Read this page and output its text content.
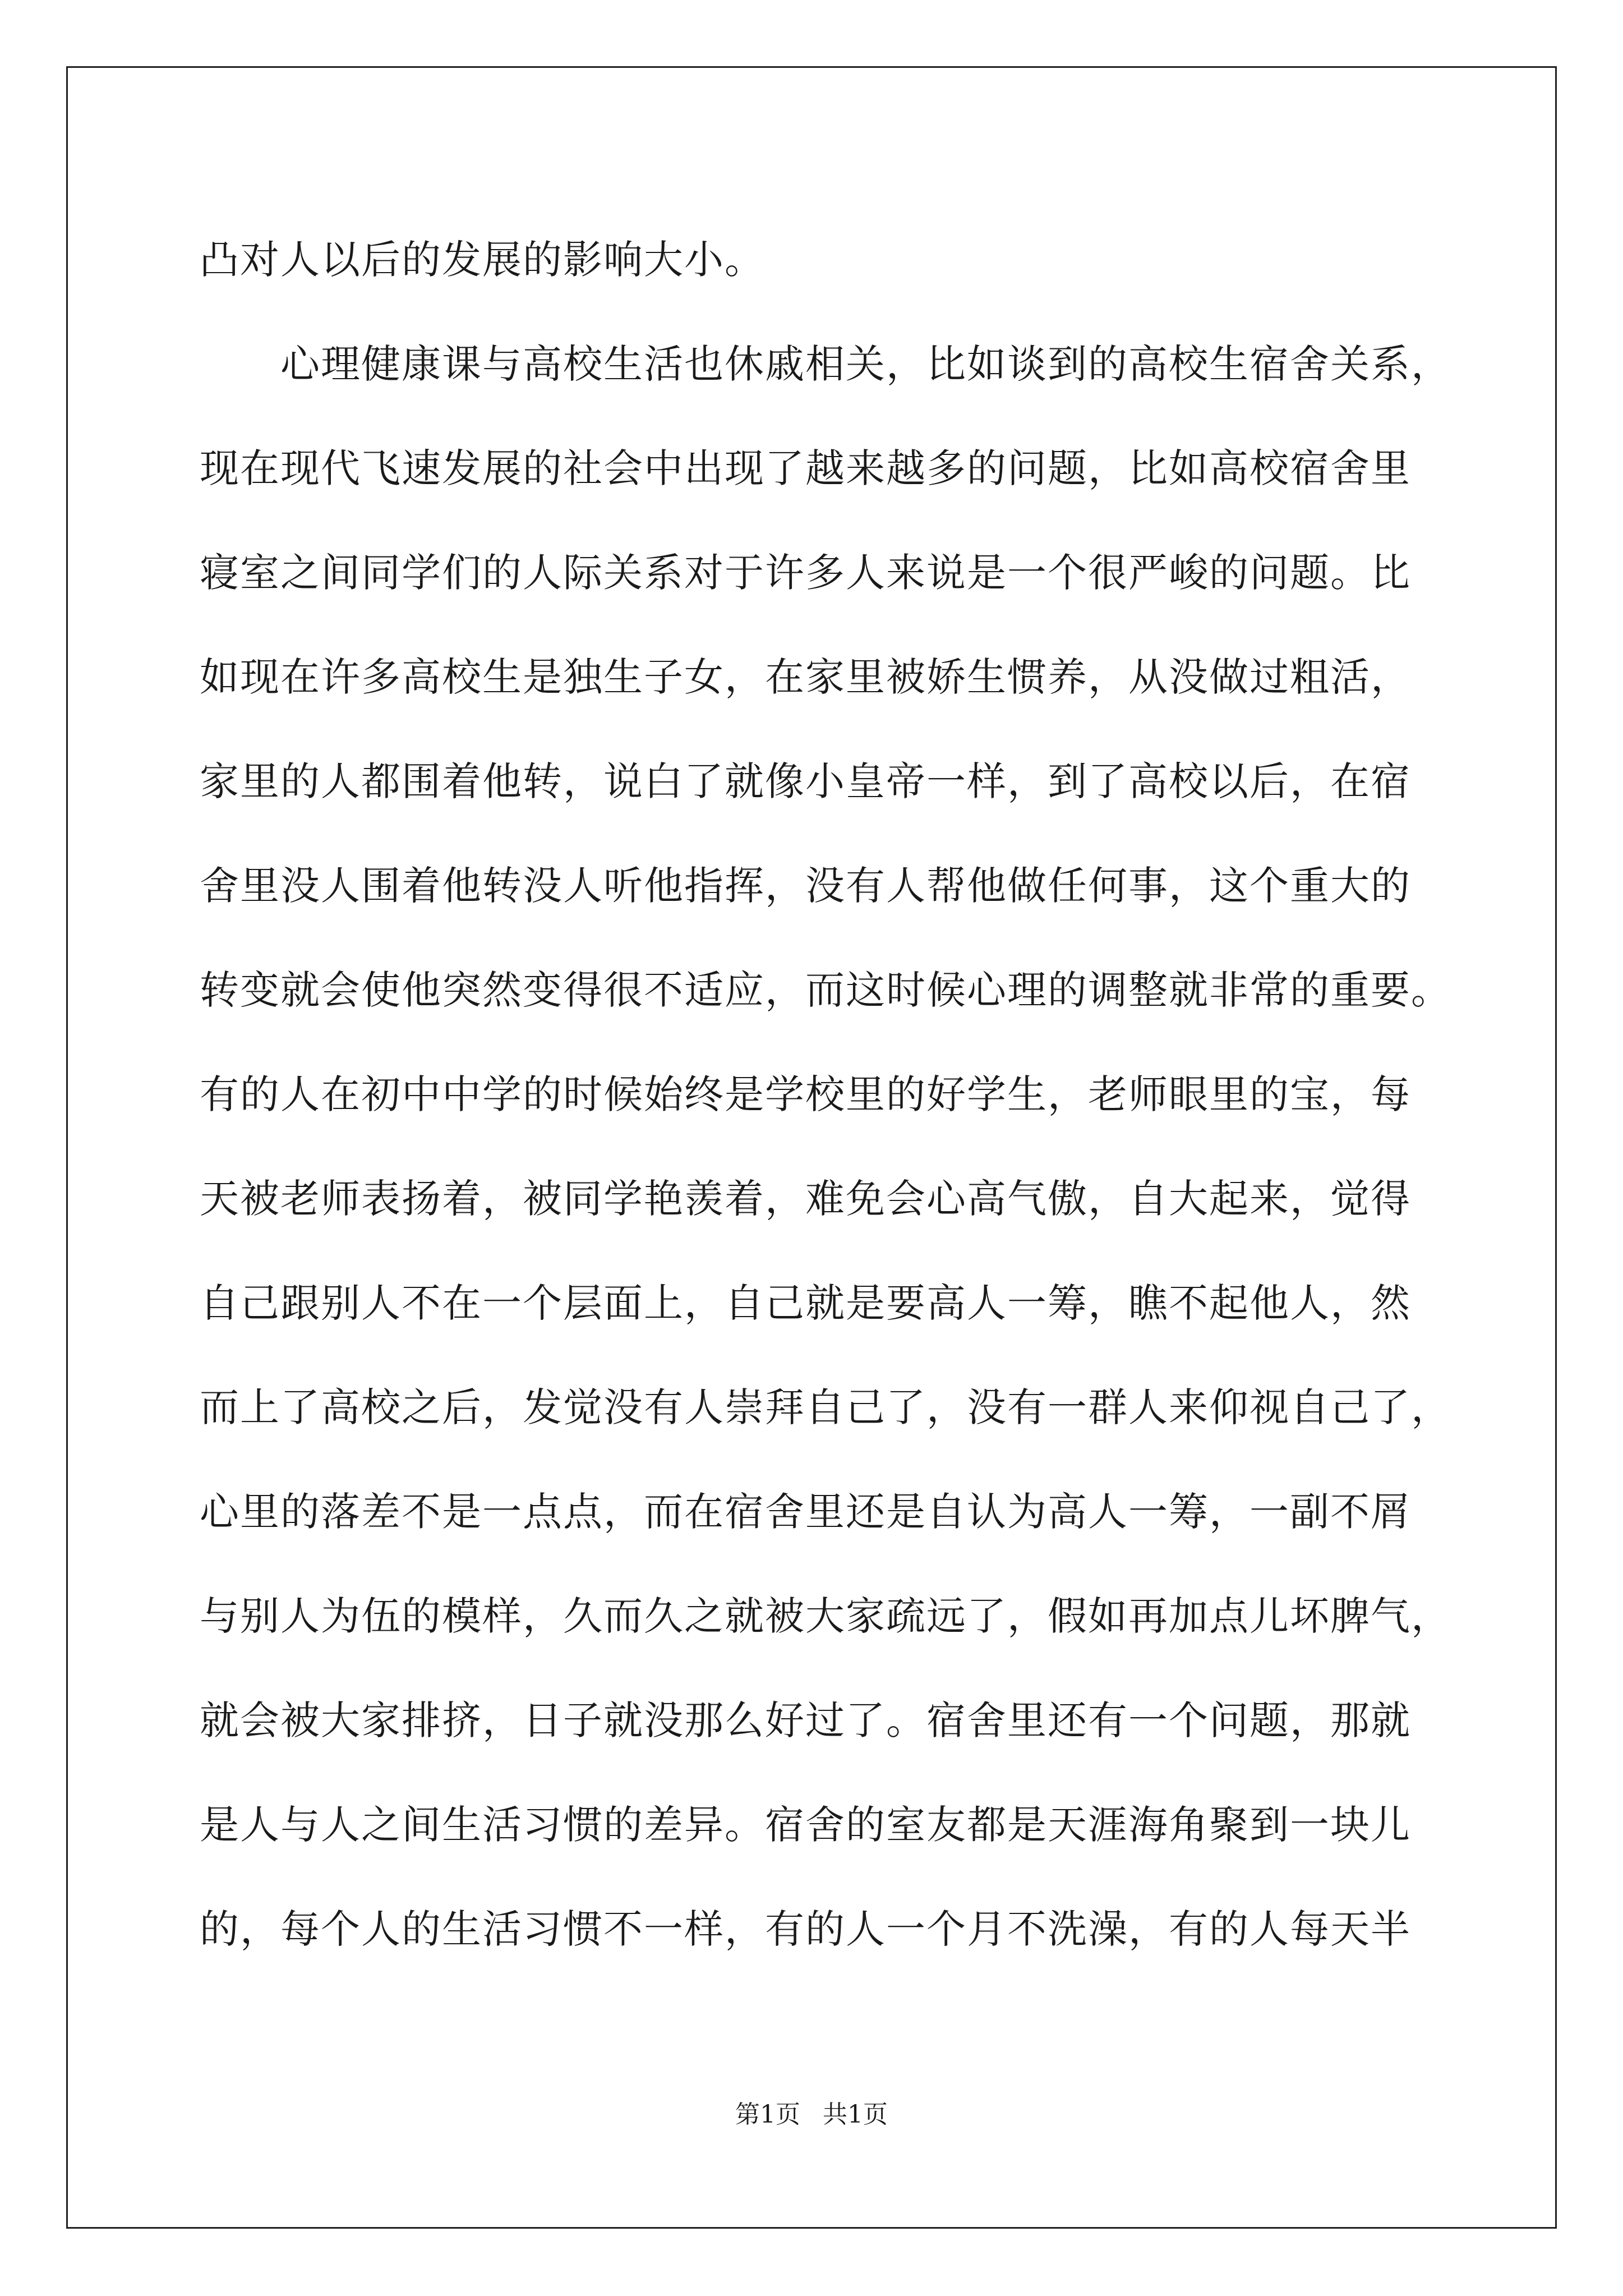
凸对人以后的发展的影响大小。
　　心理健康课与高校生活也休戚相关，比如谈到的高校生宿舍关系，
现在现代飞速发展的社会中出现了越来越多的问题，比如高校宿舍里
寝室之间同学们的人际关系对于许多人来说是一个很严峻的问题。比
如现在许多高校生是独生子女，在家里被娇生惯养，从没做过粗活，
家里的人都围着他转，说白了就像小皇帝一样，到了高校以后，在宿
舍里没人围着他转没人听他指挥，没有人帮他做任何事，这个重大的
转变就会使他突然变得很不适应，而这时候心理的调整就非常的重要。
有的人在初中中学的时候始终是学校里的好学生，老师眼里的宝，每
天被老师表扬着，被同学艳羡着，难免会心高气傲，自大起来，觉得
自己跟别人不在一个层面上，自己就是要高人一筹，瞧不起他人，然
而上了高校之后，发觉没有人崇拜自己了，没有一群人来仰视自己了，
心里的落差不是一点点，而在宿舍里还是自认为高人一筹，一副不屑
与别人为伍的模样，久而久之就被大家疏远了，假如再加点儿坏脾气，
就会被大家排挤，日子就没那么好过了。宿舍里还有一个问题，那就
是人与人之间生活习惯的差异。宿舍的室友都是天涯海角聚到一块儿
的，每个人的生活习惯不一样，有的人一个月不洗澡，有的人每天半
第1页 共1页
